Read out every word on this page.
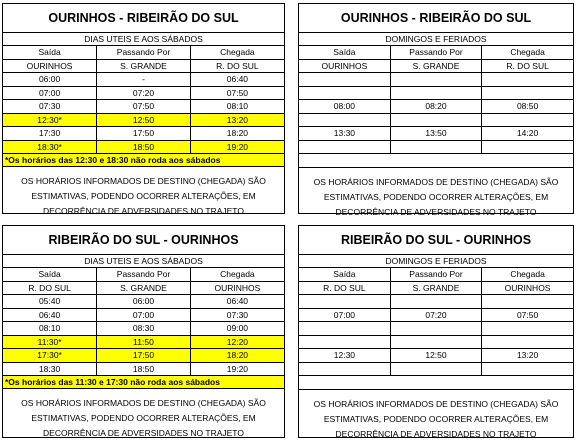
OURINHOS - RIBEIRÃO DO SUL
DIAS UTEIS E AOS SÁBADOS
Saída	Passando Por	Chegada
OURINHOS	S. GRANDE	R. DO SUL
06:00	-	06:40
07:00	07:20	07:50
07:30	07:50	08:10
12:30*	12:50	13:20
17:30	17:50	18:20
18:30*	18:50	19:20
*Os horários das 12:30 e 18:30 não roda aos sábados
OS HORÁRIOS INFORMADOS DE DESTINO (CHEGADA) SÃO
ESTIMATIVAS, PODENDO OCORRER ALTERAÇÕES, EM
DECORRÊNCIA DE ADVERSIDADES NO TRAJETO
OURINHOS - RIBEIRÃO DO SUL
DOMINGOS E FERIADOS
Saída	Passando Por	Chegada
OURINHOS	S. GRANDE	R. DO SUL

08:00	08:20	08:50

13:30	13:50	14:20

OS HORÁRIOS INFORMADOS DE DESTINO (CHEGADA) SÃO
ESTIMATIVAS, PODENDO OCORRER ALTERAÇÕES, EM
DECORRÊNCIA DE ADVERSIDADES NO TRAJETO
RIBEIRÃO DO SUL - OURINHOS
DIAS UTEIS E AOS SÁBADOS
Saída	Passando Por	Chegada
R. DO SUL	S. GRANDE	OURINHOS
05:40	06:00	06:40
06:40	07:00	07:30
08:10	08:30	09:00
11:30*	11:50	12:20
17:30*	17:50	18:20
18:30	18:50	19:20
*Os horários das 11:30 e 17:30 não roda aos sábados
OS HORÁRIOS INFORMADOS DE DESTINO (CHEGADA) SÃO
ESTIMATIVAS, PODENDO OCORRER ALTERAÇÕES, EM
DECORRÊNCIA DE ADVERSIDADES NO TRAJETO
RIBEIRÃO DO SUL - OURINHOS
DOMINGOS E FERIADOS
Saída	Passando Por	Chegada
R. DO SUL	S. GRANDE	OURINHOS

07:00	07:20	07:50

12:30	12:50	13:20

OS HORÁRIOS INFORMADOS DE DESTINO (CHEGADA) SÃO
ESTIMATIVAS, PODENDO OCORRER ALTERAÇÕES, EM
DECORRÊNCIA DE ADVERSIDADES NO TRAJETO
